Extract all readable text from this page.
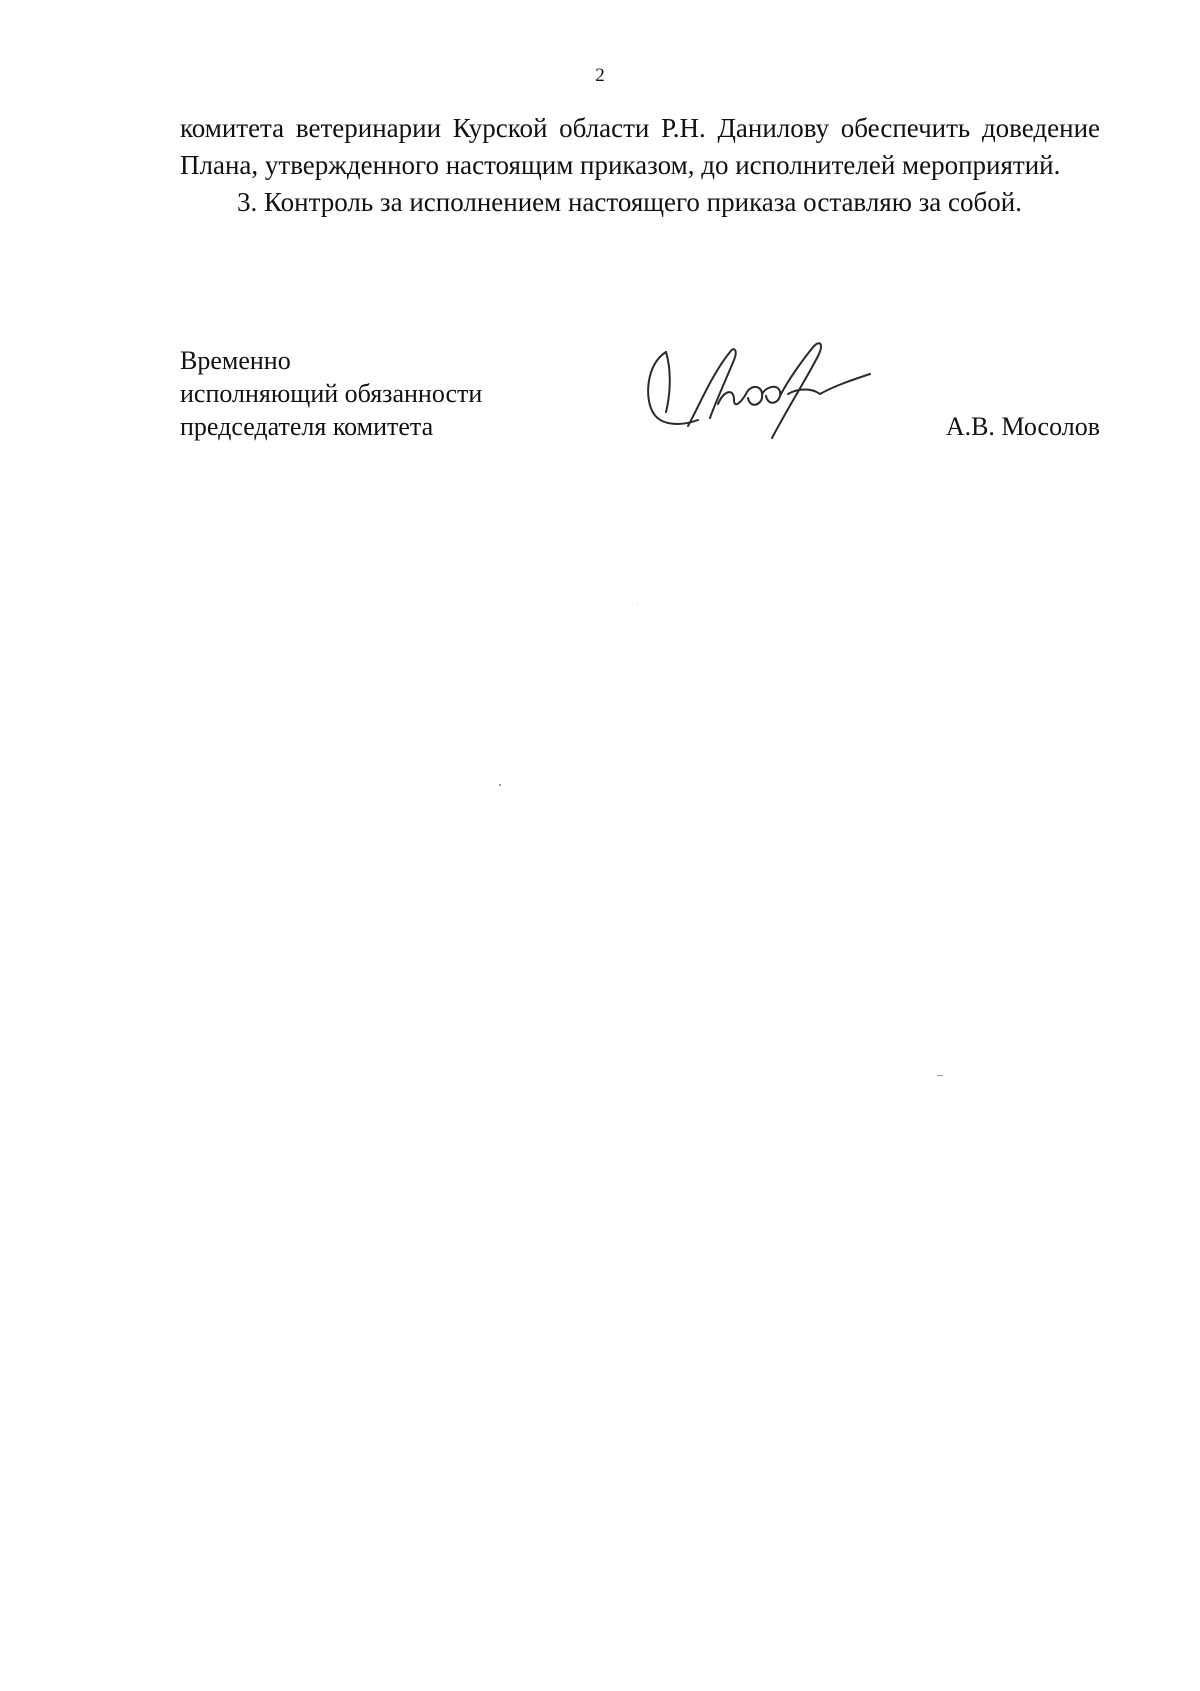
2

комитета ветеринарии Курской области Р.Н. Данилову обеспечить доведение Плана, утвержденного настоящим приказом, до исполнителей мероприятий.

3. Контроль за исполнением настоящего приказа оставляю за собой.

Временно
исполняющий обязанности
председателя комитета	А.В. Мосолов
